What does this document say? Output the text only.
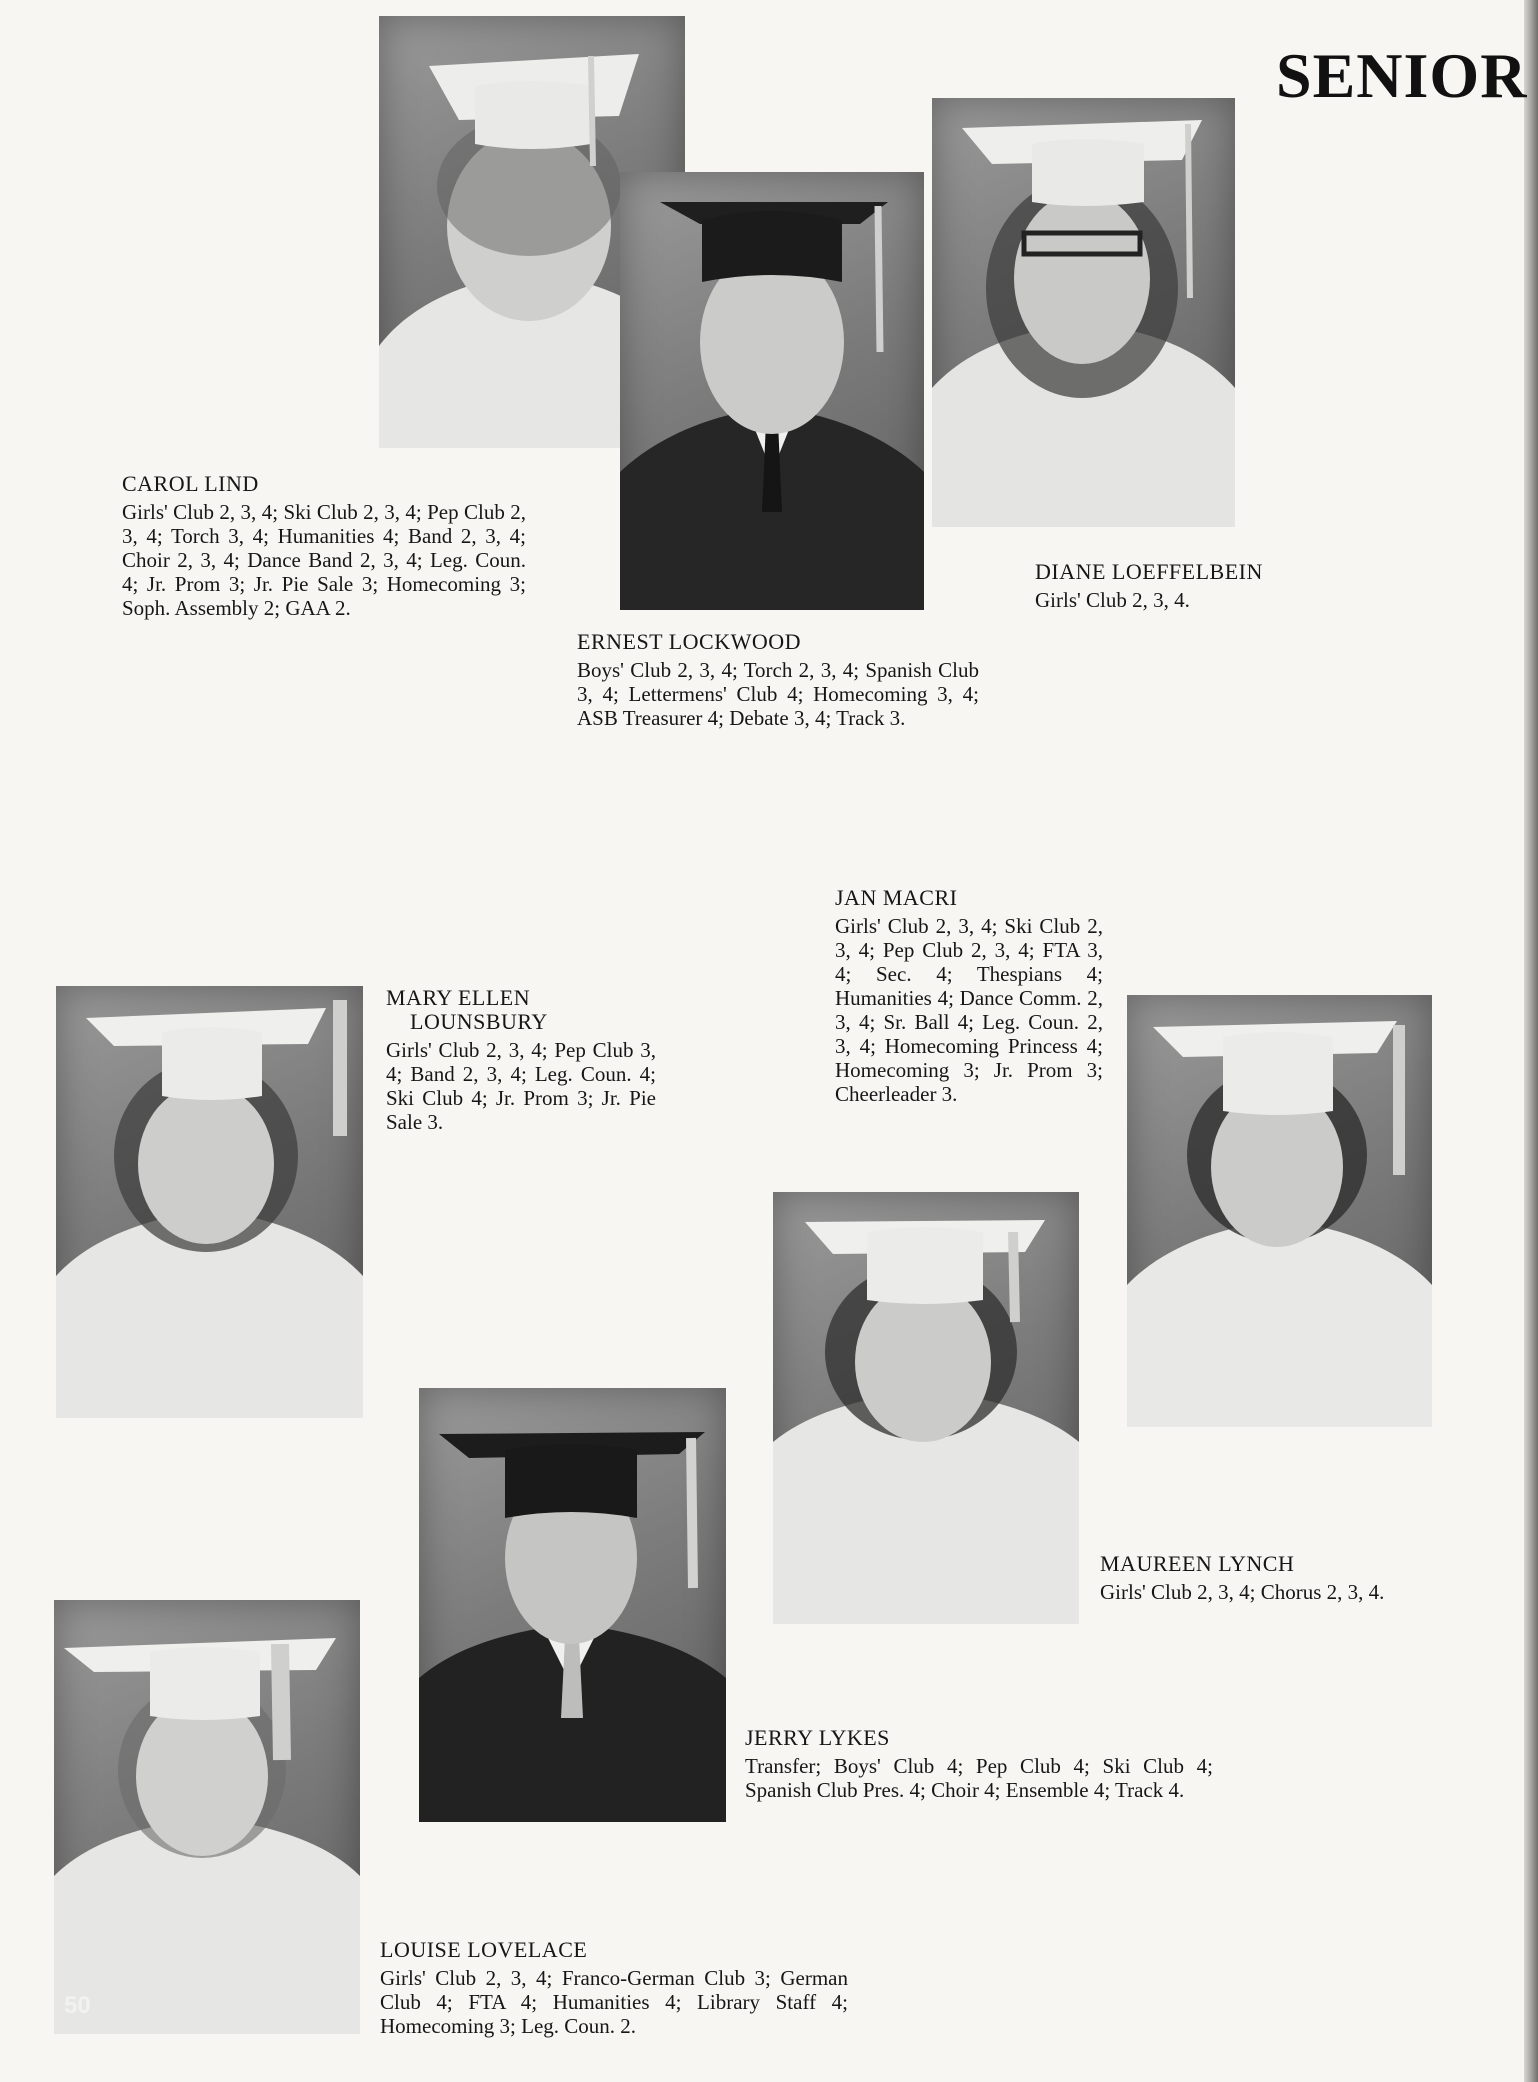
SENIOR
50
CAROL LIND
Girls' Club 2, 3, 4; Ski Club 2, 3, 4; Pep Club 2, 3, 4; Torch 3, 4; Humanities 4; Band 2, 3, 4; Choir 2, 3, 4; Dance Band 2, 3, 4; Leg. Coun. 4; Jr. Prom 3; Jr. Pie Sale 3; Homecoming 3; Soph. Assembly 2; GAA 2.
ERNEST LOCKWOOD
Boys' Club 2, 3, 4; Torch 2, 3, 4; Spanish Club 3, 4; Lettermens' Club 4; Homecoming 3, 4; ASB Treasurer 4; Debate 3, 4; Track 3.
DIANE LOEFFELBEIN
Girls' Club 2, 3, 4.
MARY ELLEN
LOUNSBURY
Girls' Club 2, 3, 4; Pep Club 3, 4; Band 2, 3, 4; Leg. Coun. 4; Ski Club 4; Jr. Prom 3; Jr. Pie Sale 3.
JAN MACRI
Girls' Club 2, 3, 4; Ski Club 2, 3, 4; Pep Club 2, 3, 4; FTA 3, 4; Sec. 4; Thespians 4; Humanities 4; Dance Comm. 2, 3, 4; Sr. Ball 4; Leg. Coun. 2, 3, 4; Homecoming Princess 4; Homecoming 3; Jr. Prom 3; Cheerleader 3.
MAUREEN LYNCH
Girls' Club 2, 3, 4; Chorus 2, 3, 4.
JERRY LYKES
Transfer; Boys' Club 4; Pep Club 4; Ski Club 4; Spanish Club Pres. 4; Choir 4; Ensemble 4; Track 4.
LOUISE LOVELACE
Girls' Club 2, 3, 4; Franco-German Club 3; German Club 4; FTA 4; Humanities 4; Library Staff 4; Homecoming 3; Leg. Coun. 2.
